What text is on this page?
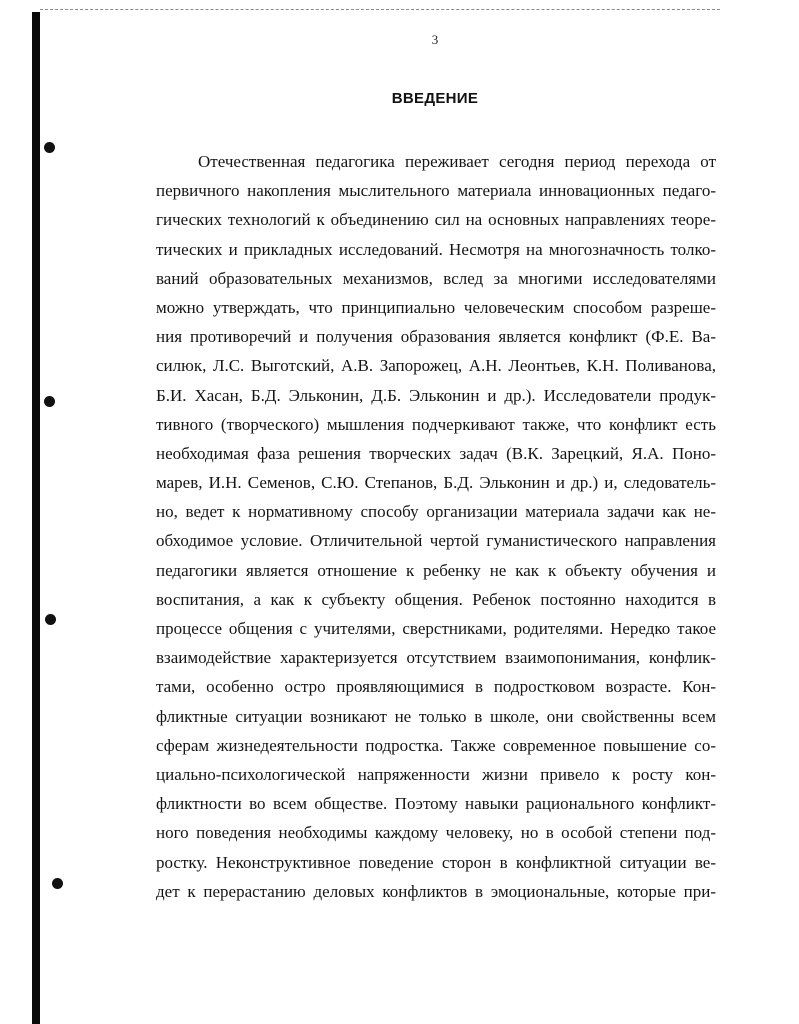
3
ВВЕДЕНИЕ
Отечественная педагогика переживает сегодня период перехода от
первичного накопления мыслительного материала инновационных педаго-
гических технологий к объединению сил на основных направлениях теоре-
тических и прикладных исследований. Несмотря на многозначность толко-
ваний образовательных механизмов, вслед за многими исследователями
можно утверждать, что принципиально человеческим способом разреше-
ния противоречий и получения образования является конфликт (Ф.Е. Ва-
силюк, Л.С. Выготский, А.В. Запорожец, А.Н. Леонтьев, К.Н. Поливанова,
Б.И. Хасан, Б.Д. Эльконин, Д.Б. Эльконин и др.). Исследователи продук-
тивного (творческого) мышления подчеркивают также, что конфликт есть
необходимая фаза решения творческих задач (В.К. Зарецкий, Я.А. Поно-
марев, И.Н. Семенов, С.Ю. Степанов, Б.Д. Эльконин и др.) и, следователь-
но, ведет к нормативному способу организации материала задачи как не-
обходимое условие. Отличительной чертой гуманистического направления
педагогики является отношение к ребенку не как к объекту обучения и
воспитания, а как к субъекту общения. Ребенок постоянно находится в
процессе общения с учителями, сверстниками, родителями. Нередко такое
взаимодействие характеризуется отсутствием взаимопонимания, конфлик-
тами, особенно остро проявляющимися в подростковом возрасте. Кон-
фликтные ситуации возникают не только в школе, они свойственны всем
сферам жизнедеятельности подростка. Также современное повышение со-
циально-психологической напряженности жизни привело к росту кон-
фликтности во всем обществе. Поэтому навыки рационального конфликт-
ного поведения необходимы каждому человеку, но в особой степени под-
ростку. Неконструктивное поведение сторон в конфликтной ситуации ве-
дет к перерастанию деловых конфликтов в эмоциональные, которые при-
